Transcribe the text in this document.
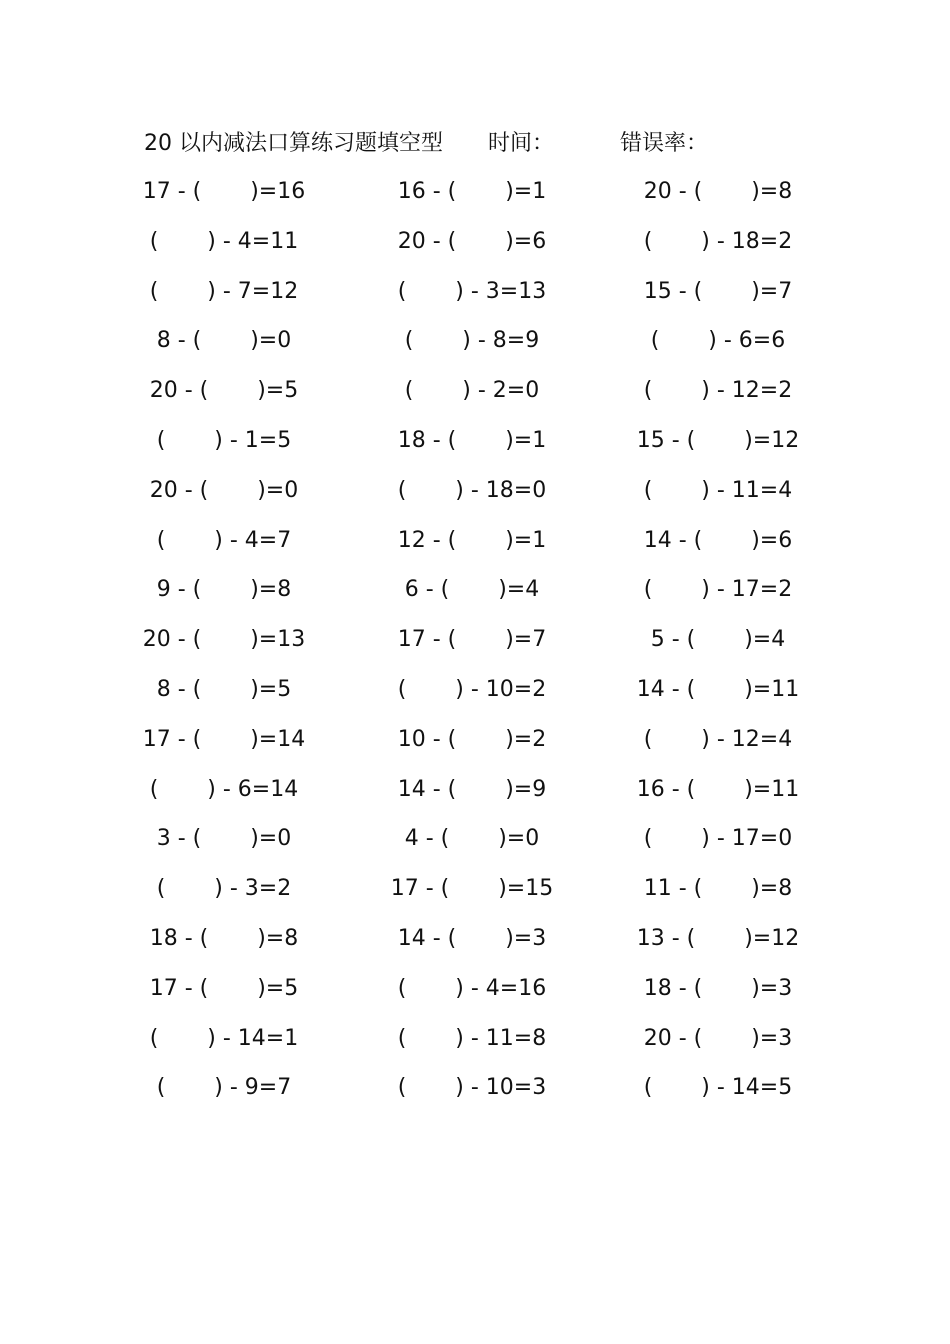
20 以内减法口算练习题填空型 时间：	错误率：
17 - (       )=16	16 - (       )=1	20 - (       )=8
(       ) - 4=11	20 - (       )=6	(       ) - 18=2
(       ) - 7=12	(       ) - 3=13	15 - (       )=7
8 - (       )=0	(       ) - 8=9	(       ) - 6=6
20 - (       )=5	(       ) - 2=0	(       ) - 12=2
(       ) - 1=5	18 - (       )=1	15 - (       )=12
20 - (       )=0	(       ) - 18=0	(       ) - 11=4
(       ) - 4=7	12 - (       )=1	14 - (       )=6
9 - (       )=8	6 - (       )=4	(       ) - 17=2
20 - (       )=13	17 - (       )=7	5 - (       )=4
8 - (       )=5	(       ) - 10=2	14 - (       )=11
17 - (       )=14	10 - (       )=2	(       ) - 12=4
(       ) - 6=14	14 - (       )=9	16 - (       )=11
3 - (       )=0	4 - (       )=0	(       ) - 17=0
(       ) - 3=2	17 - (       )=15	11 - (       )=8
18 - (       )=8	14 - (       )=3	13 - (       )=12
17 - (       )=5	(       ) - 4=16	18 - (       )=3
(       ) - 14=1	(       ) - 11=8	20 - (       )=3
(       ) - 9=7	(       ) - 10=3	(       ) - 14=5
